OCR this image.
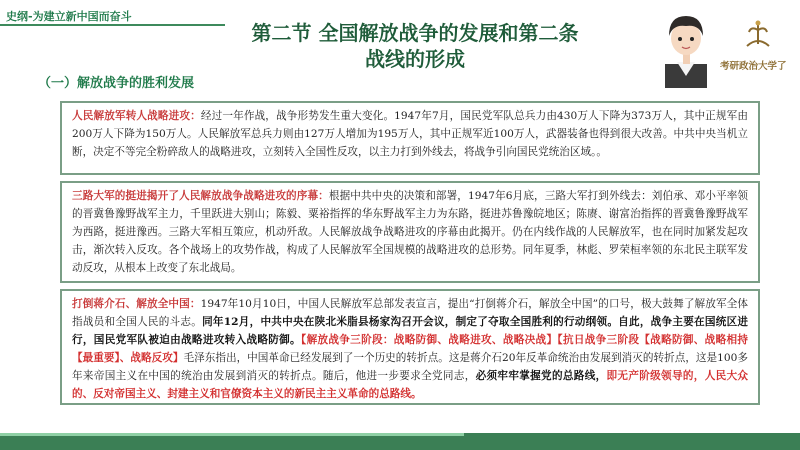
史纲-为建立新中国而奋斗
第二节 全国解放战争的发展和第二条
战线的形成
（一）解放战争的胜利发展
考研政治大学了

人民解放军转人战略进攻：经过一年作战，战争形势发生重大变化。1947年7月，国民党军队总兵力由430万人下降为373万人，其中正规军由200万人下降为150万人。人民解放军总兵力则由127万人增加为195万人，其中正规军近100万人，武器装备也得到很大改善。中共中央当机立断，决定不等完全粉碎敌人的战略进攻，立刻转入全国性反攻，以主力打到外线去，将战争引向国民党统治区域。。

三路大军的挺进揭开了人民解放战争战略进攻的序幕：根据中共中央的决策和部署，1947年6月底，三路大军打到外线去：刘伯承、邓小平率领的晋冀鲁豫野战军主力，千里跃进大别山；陈毅、粟裕指挥的华东野战军主力为东路，挺进苏鲁豫皖地区；陈赓、谢富治指挥的晋冀鲁豫野战军为西路，挺进豫西。三路大军相互策应，机动歼敌。人民解放战争战略进攻的序幕由此揭开。仍在内线作战的人民解放军，也在同时加紧发起攻击，渐次转入反攻。各个战场上的攻势作战，构成了人民解放军全国规模的战略进攻的总形势。同年夏季，林彪、罗荣桓率领的东北民主联军发动反攻，从根本上改变了东北战局。

打倒蒋介石、解放全中国：1947年10月10日，中国人民解放军总部发表宣言，提出“打倒蒋介石，解放全中国”的口号，极大鼓舞了解放军全体指战员和全国人民的斗志。同年12月，中共中央在陕北米脂县杨家沟召开会议，制定了夺取全国胜利的行动纲领。自此，战争主要在国统区进行，国民党军队被迫由战略进攻转入战略防御。【解放战争三阶段：战略防御、战略进攻、战略决战】【抗日战争三阶段【战略防御、战略相持【最重要】、战略反攻】毛泽东指出，中国革命已经发展到了一个历史的转折点。这是蒋介石20年反革命统治由发展到消灭的转折点，这是100多年来帝国主义在中国的统治由发展到消灭的转折点。随后，他进一步要求全党同志，必须牢牢掌握党的总路线，即无产阶级领导的，人民大众的、反对帝国主义、封建主义和官僚资本主义的新民主主义革命的总路线。
